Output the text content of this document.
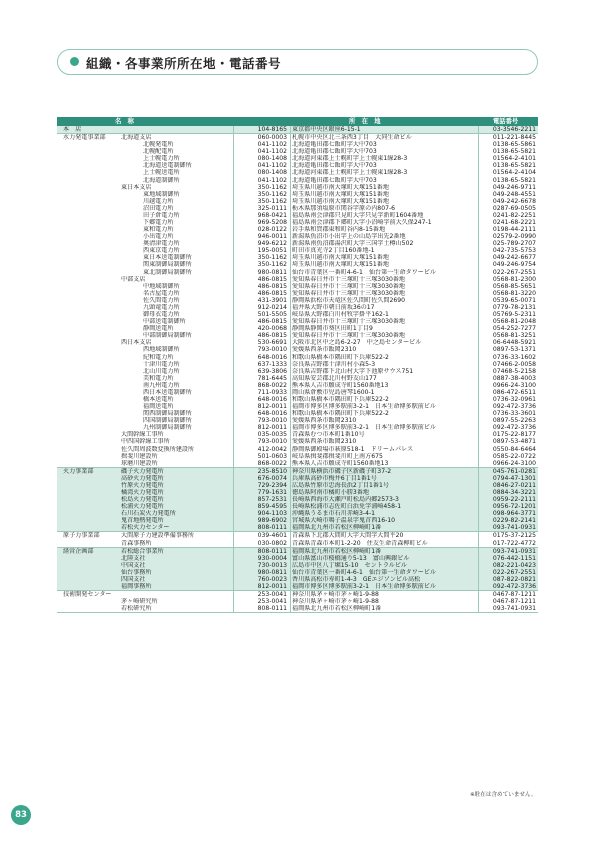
組織・各事業所所在地・電話番号
名　称	所　在　地	電話番号
本　店	104-8165 東京都中央区銀座6-15-1	03-3546-2211
水力発電事業部	北海道支店	060-0003 札幌市中央区北三条西3丁目　大同生命ビル	011-221-8445
北幌発電所	041-1102 北海道亀田郡七飯町字大中703	0138-65-5861
北幌配電所	041-1102 北海道亀田郡七飯町字大中703	0138-65-5821
上士幌電力所	080-1408 北海道河東郡上士幌町字上士幌東1線28-3	01564-2-4101
北海道送電制御所	041-1102 北海道亀田郡七飯町字大中703	0138-65-5821
上士幌送電所	080-1408 北海道河東郡上士幌町字上士幌東1線28-3	01564-2-4104
北海道制御所	041-1102 北海道亀田郡七飯町字大中703	0138-65-5821
東日本支店	350-1162 埼玉県川越市南大塚町大塚151番地	049-246-9711
東地域制御所	350-1162 埼玉県川越市南大塚町大塚151番地	049-248-4551
川越電力所	350-1162 埼玉県川越市南大塚町大塚151番地	049-242-6678
沼田電力所	325-0111 栃木県那須塩原市関谷字原の内807-6	0287-69-0505
田子倉電力所	968-0421 福島県南会津郡只見町大字只見字新町1604番地	0241-82-2251
下郷電力所	969-5208 福島県南会津郡下郷町大字小沼崎字前大久保247-1	0241-68-2221
東和電力所	028-0122 岩手県和賀郡東和町谷内8-15番地	0198-44-2111
小出電力所	946-0011 新潟県魚沼市小出字上の山島字出先2番地	02579-2-0990
奥清津電力所	949-6212 新潟県南魚沼郡湯沢町大字三国字土樽山502	025-789-2707
西東京電力所	195-0051 町田市真光寺2丁目160番地-1	042-735-5753
東日本送電制御所	350-1162 埼玉県川越市南大塚町大塚151番地	049-242-6677
関東制御局制御所	350-1162 埼玉県川越市南大塚町大塚151番地	049-246-9754
東北制御局制御所	980-0811 仙台市青葉区一番町4-6-1　仙台第一生命タワービル	022-267-2551
中部支店	486-0815 愛知県春日井市十三塚町十三塚3030番地	0568-81-2300
中地域制御所	486-0815 愛知県春日井市十三塚町十三塚3030番地	0568-85-5651
名古屋電力所	486-0815 愛知県春日井市十三塚町十三塚3030番地	0568-81-3220
佐久間電力所	431-3901 静岡県浜松市天竜区佐久間町佐久間2690	0539-65-0071
九頭竜電力所	912-0214 福井県大野市朝日前坂36の17	0779-78-2131
御母衣電力所	501-5505 岐阜県大野郡白川村牧字掛平162-1	05769-5-2311
中部送電制御所	486-0815 愛知県春日井市十三塚町十三塚3030番地	0568-81-2048
静岡送電所	420-0068 静岡県静岡市葵区田町1丁目9	054-252-7277
中部制御局制御所	486-0815 愛知県春日井市十三塚町十三塚3030番地	0568-81-3251
西日本支店	530-6691 大阪市北区中之島6-2-27　中之島センタービル	06-6448-5921
西地域制御所	793-0010 愛媛県西条市飯岡2310	0897-53-1371
紀和電力所	648-0016 和歌山県橋本市隅田町下兵庫522-2	0736-33-1602
十津川電力所	637-1333 奈良県吉野郡十津川村小森5-3	07466-2-0058
北山川電力所	639-3806 奈良県吉野郡下北山村大字下池原サウス751	07468-5-2158
美和電力所	781-6445 高知県安芸郡北川村野友山177	0887-38-4003
南九州電力所	868-0022 熊本県人吉市願成寺町1560番地13	0966-24-3100
西日本送電制御所	711-0933 岡山県倉敷市児島唐琴1600-1	086-472-6511
橋本送電所	648-0016 和歌山県橋本市隅田町下兵庫522-2	0736-32-0961
福岡送電所	812-0011 福岡市博多区博多駅前3-2-1　日本生命博多駅前ビル	092-472-3736
関西制御局制御所	648-0016 和歌山県橋本市隅田町下兵庫522-2	0736-33-3601
四国制御局制御所	793-0010 愛媛県西条市飯岡2310	0897-55-2263
九州制御局制御所	812-0011 福岡市博多区博多駅前3-2-1　日本生命博多駅前ビル	092-472-3736
大間幹線工事所	035-0035 青森県むつ市本町1番10号	0175-22-8177
中四国幹線工事所	793-0010 愛媛県西条市飯岡2310	0897-53-4871
佐久間周波数変換所建設所	412-0042 静岡県御殿場市萩原518-1　ドリームパレス	0550-84-6464
揖斐川建設所	501-0603 岐阜県揖斐郡揖斐川町上南方675	0585-22-0722
球磨川建設所	868-0022 熊本県人吉市願成寺町1560番地13	0966-24-3100
火力事業部	磯子火力発電所	235-8510 神奈川県横浜市磯子区新磯子町37-2	045-761-0281
高砂火力発電所	676-0074 兵庫県高砂市梅井6丁目1番1号	0794-47-1301
竹原火力発電所	729-2394 広島県竹原市忠海長浜2丁目1番1号	0846-27-0211
橘湾火力発電所	779-1631 徳島県阿南市橘町小勝3番地	0884-34-3221
松島火力発電所	857-2531 長崎県西海市大瀬戸町松島内郷2573-3	0959-22-2111
松浦火力発電所	859-4595 長崎県松浦市志佐町白浜免字浦崎458-1	0956-72-1201
石川石炭火力発電所	904-1103 沖縄県うるま市石川赤崎3-4-1	098-964-3771
鬼首地熱発電所	989-6902 宮城県大崎市鳴子温泉字鬼首西16-10	0229-82-2141
若松火力センター	808-0111 福岡県北九州市若松区柳崎町1番	093-741-0931
原子力事業部	大間原子力建設準備事務所	039-4601 青森県下北郡大間町大字大間字大間平20	0175-37-2125
青森事務所	030-0802 青森県青森市本町1-2-20　住友生命青森柳町ビル	017-722-4772
経営企画部	若松総合事業所	808-0111 福岡県北九州市若松区柳崎町1番	093-741-0931
北陸支社	930-0004 富山県富山市桜橋通り5-13　富山興銀ビル	076-442-1151
中国支社	730-0013 広島市中区八丁堀15-10　セントラルビル	082-221-0423
仙台事務所	980-0811 仙台市青葉区一番町4-6-1　仙台第一生命タワービル	022-267-2551
四国支社	760-0023 香川県高松市寿町1-4-3　GEエジソンビル高松	087-822-0821
福岡事務所	812-0011 福岡市博多区博多駅前3-2-1　日本生命博多駅前ビル	092-472-3736
技術開発センター	253-0041 神奈川県茅ヶ崎市茅ヶ崎1-9-88	0467-87-1211
茅ヶ崎研究所	253-0041 神奈川県茅ヶ崎市茅ヶ崎1-9-88	0467-87-1211
若松研究所	808-0111 福岡県北九州市若松区柳崎町1番	093-741-0931
※駐在は含めていません。
83
